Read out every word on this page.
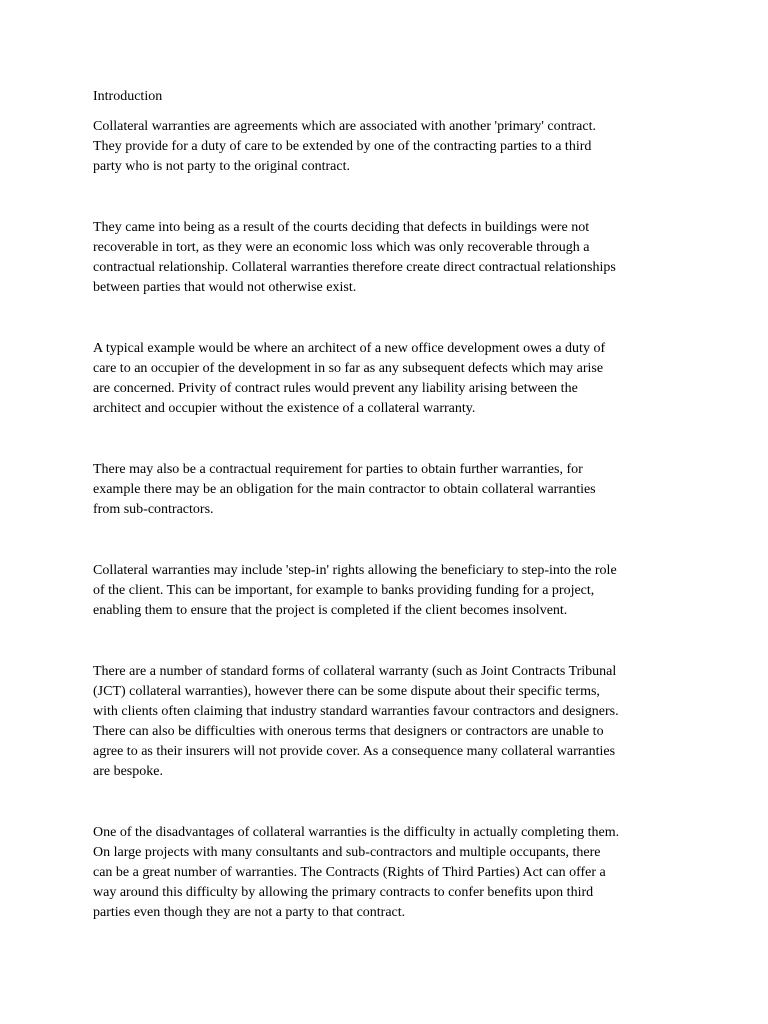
Introduction

Collateral warranties are agreements which are associated with another 'primary' contract.
They provide for a duty of care to be extended by one of the contracting parties to a third
party who is not party to the original contract.

They came into being as a result of the courts deciding that defects in buildings were not
recoverable in tort, as they were an economic loss which was only recoverable through a
contractual relationship. Collateral warranties therefore create direct contractual relationships
between parties that would not otherwise exist.

A typical example would be where an architect of a new office development owes a duty of
care to an occupier of the development in so far as any subsequent defects which may arise
are concerned. Privity of contract rules would prevent any liability arising between the
architect and occupier without the existence of a collateral warranty.

There may also be a contractual requirement for parties to obtain further warranties, for
example there may be an obligation for the main contractor to obtain collateral warranties
from sub-contractors.

Collateral warranties may include 'step-in' rights allowing the beneficiary to step-into the role
of the client. This can be important, for example to banks providing funding for a project,
enabling them to ensure that the project is completed if the client becomes insolvent.

There are a number of standard forms of collateral warranty (such as Joint Contracts Tribunal
(JCT) collateral warranties), however there can be some dispute about their specific terms,
with clients often claiming that industry standard warranties favour contractors and designers.
There can also be difficulties with onerous terms that designers or contractors are unable to
agree to as their insurers will not provide cover. As a consequence many collateral warranties
are bespoke.

One of the disadvantages of collateral warranties is the difficulty in actually completing them.
On large projects with many consultants and sub-contractors and multiple occupants, there
can be a great number of warranties. The Contracts (Rights of Third Parties) Act can offer a
way around this difficulty by allowing the primary contracts to confer benefits upon third
parties even though they are not a party to that contract.
